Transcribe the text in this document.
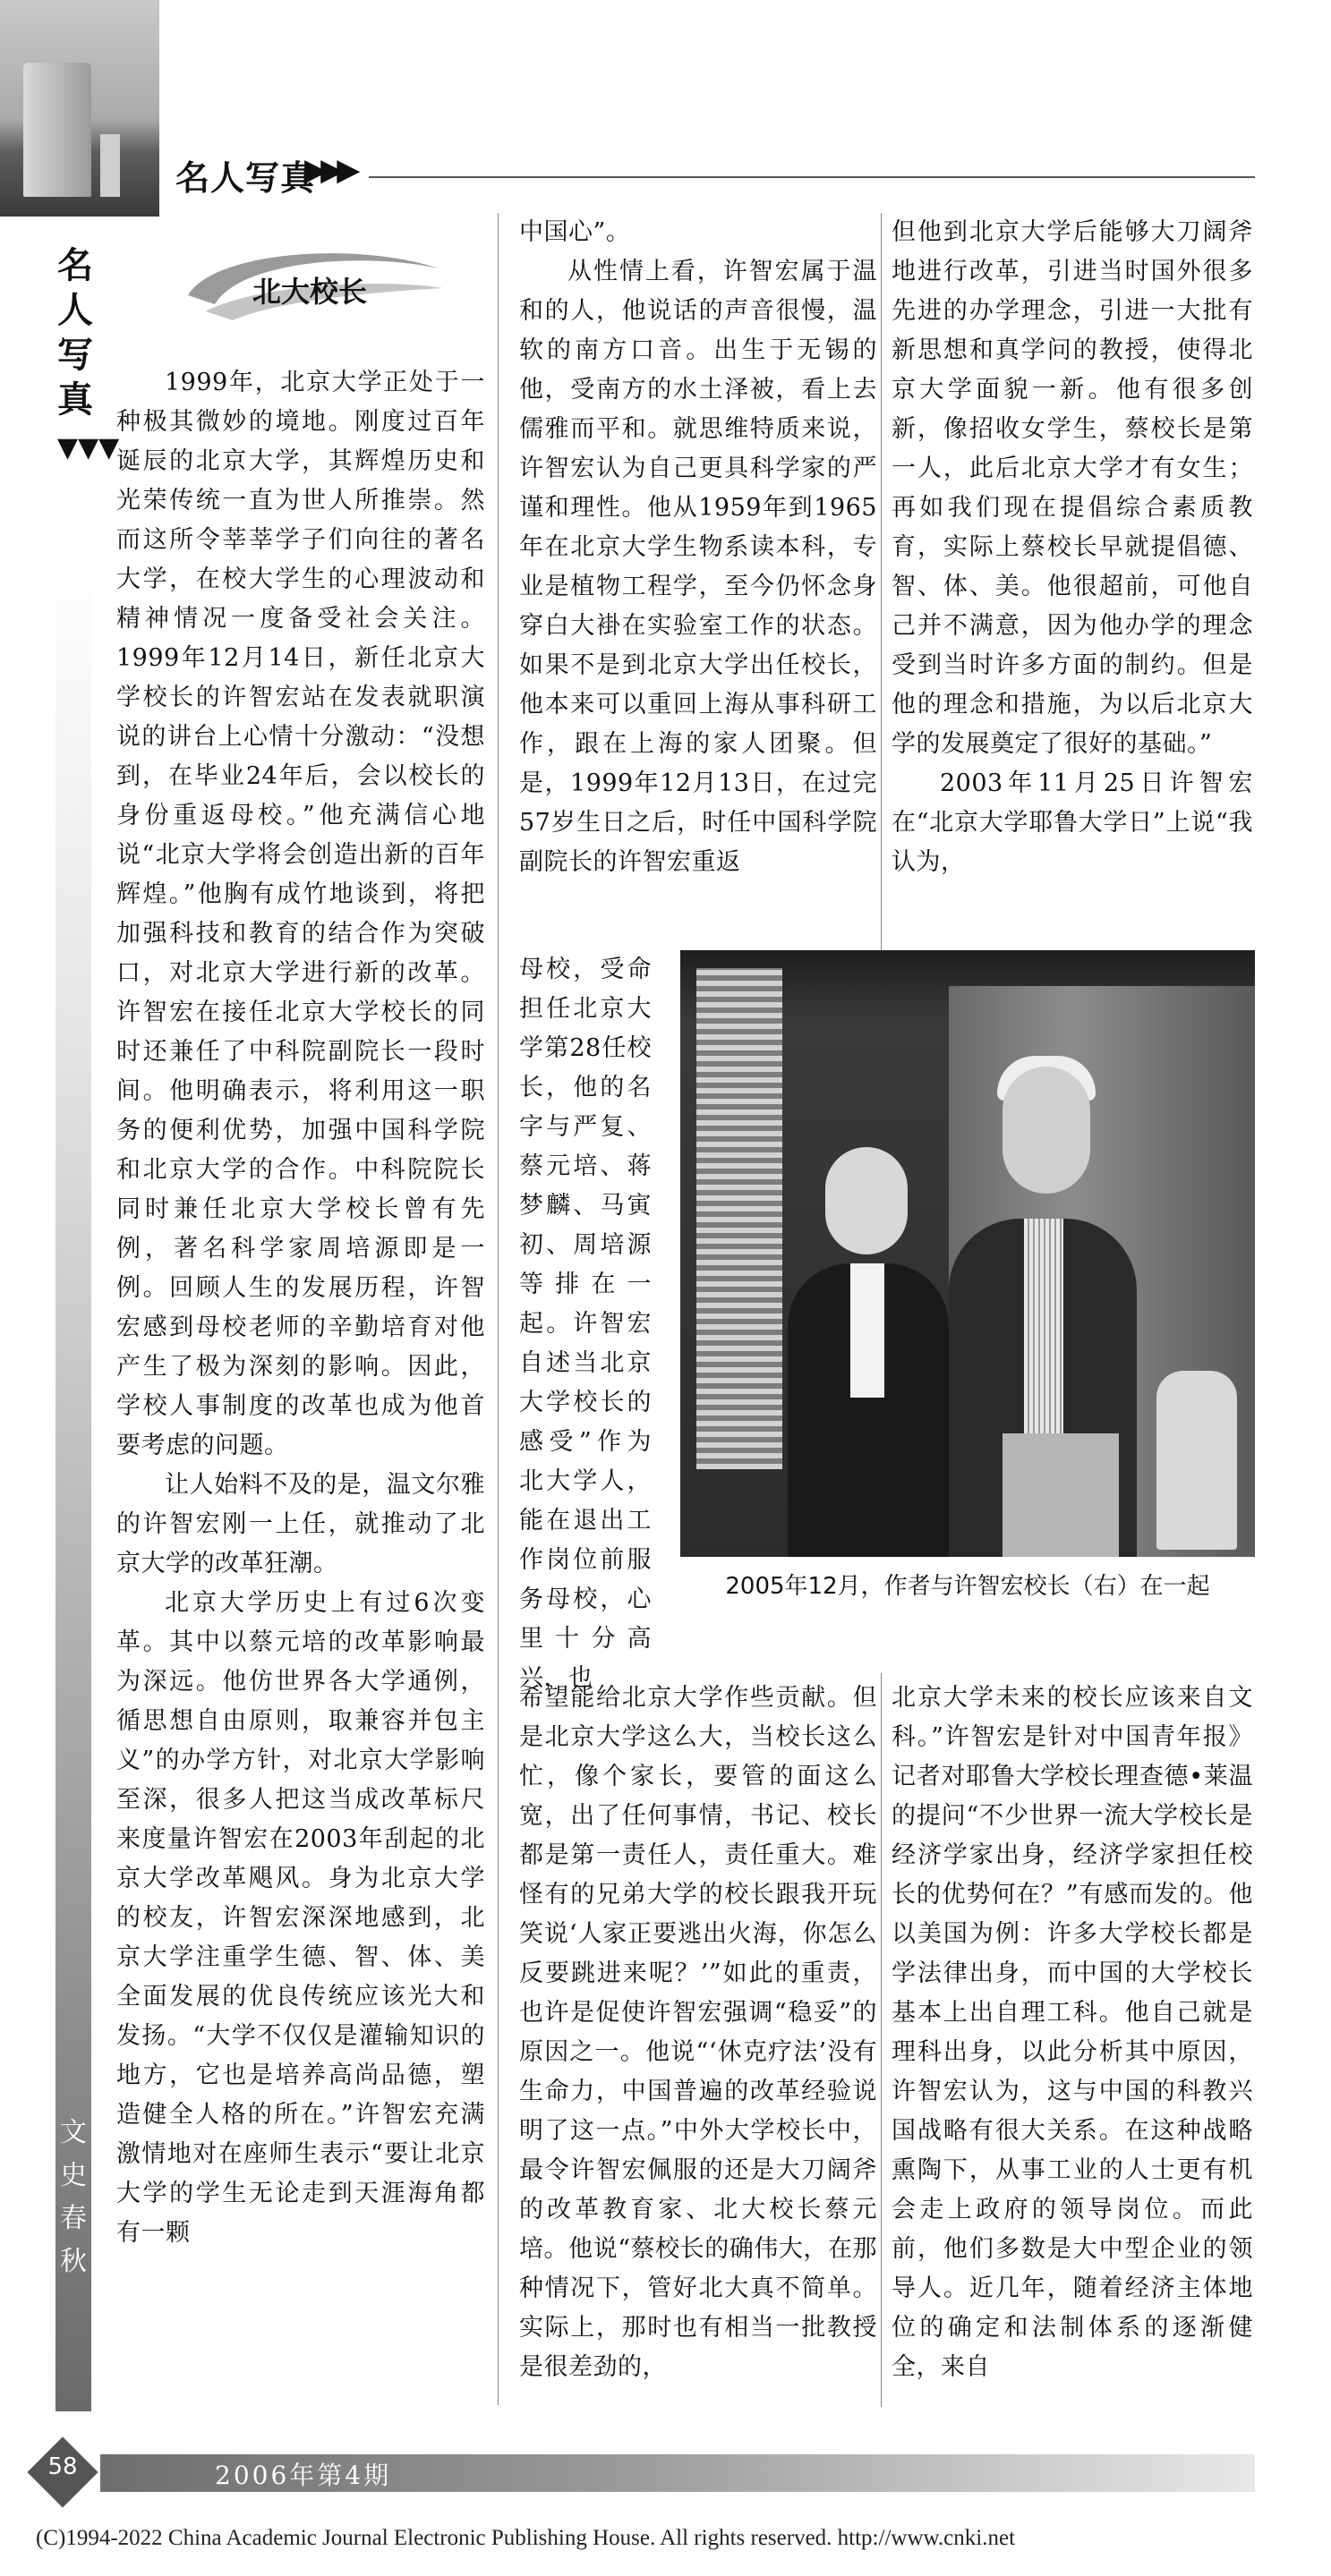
名人写真
▶▶▶
名人写真
▼▼▼
文史春秋
北大校长

1999年，北京大学正处于一种极其微妙的境地。刚度过百年诞辰的北京大学，其辉煌历史和光荣传统一直为世人所推崇。然而这所令莘莘学子们向往的著名大学，在校大学生的心理波动和精神情况一度备受社会关注。1999年12月14日，新任北京大学校长的许智宏站在发表就职演说的讲台上心情十分激动：“没想到，在毕业24年后，会以校长的身份重返母校。”他充满信心地说“北京大学将会创造出新的百年辉煌。”他胸有成竹地谈到，将把加强科技和教育的结合作为突破口，对北京大学进行新的改革。许智宏在接任北京大学校长的同时还兼任了中科院副院长一段时间。他明确表示，将利用这一职务的便利优势，加强中国科学院和北京大学的合作。中科院院长同时兼任北京大学校长曾有先例，著名科学家周培源即是一例。回顾人生的发展历程，许智宏感到母校老师的辛勤培育对他产生了极为深刻的影响。因此，学校人事制度的改革也成为他首要考虑的问题。

让人始料不及的是，温文尔雅的许智宏刚一上任，就推动了北京大学的改革狂潮。

北京大学历史上有过6次变革。其中以蔡元培的改革影响最为深远。他仿世界各大学通例，循思想自由原则，取兼容并包主义”的办学方针，对北京大学影响至深，很多人把这当成改革标尺来度量许智宏在2003年刮起的北京大学改革飓风。身为北京大学的校友，许智宏深深地感到，北京大学注重学生德、智、体、美全面发展的优良传统应该光大和发扬。“大学不仅仅是灌输知识的地方，它也是培养高尚品德，塑造健全人格的所在。”许智宏充满激情地对在座师生表示“要让北京大学的学生无论走到天涯海角都有一颗

中国心”。

从性情上看，许智宏属于温和的人，他说话的声音很慢，温软的南方口音。出生于无锡的他，受南方的水土泽被，看上去儒雅而平和。就思维特质来说，许智宏认为自己更具科学家的严谨和理性。他从1959年到1965年在北京大学生物系读本科，专业是植物工程学，至今仍怀念身穿白大褂在实验室工作的状态。如果不是到北京大学出任校长，他本来可以重回上海从事科研工作，跟在上海的家人团聚。但是，1999年12月13日，在过完57岁生日之后，时任中国科学院副院长的许智宏重返

母校，受命担任北京大学第28任校长，他的名字与严复、蔡元培、蒋梦麟、马寅初、周培源等排在一起。许智宏自述当北京大学校长的感受”作为北大学人，能在退出工作岗位前服务母校，心里十分高兴，也

希望能给北京大学作些贡献。但是北京大学这么大，当校长这么忙，像个家长，要管的面这么宽，出了任何事情，书记、校长都是第一责任人，责任重大。难怪有的兄弟大学的校长跟我开玩笑说‘人家正要逃出火海，你怎么反要跳进来呢？’”如此的重责，也许是促使许智宏强调“稳妥”的原因之一。他说“‘休克疗法’没有生命力，中国普遍的改革经验说明了这一点。”中外大学校长中，最令许智宏佩服的还是大刀阔斧的改革教育家、北大校长蔡元培。他说“蔡校长的确伟大，在那种情况下，管好北大真不简单。实际上，那时也有相当一批教授是很差劲的，

但他到北京大学后能够大刀阔斧地进行改革，引进当时国外很多先进的办学理念，引进一大批有新思想和真学问的教授，使得北京大学面貌一新。他有很多创新，像招收女学生，蔡校长是第一人，此后北京大学才有女生；再如我们现在提倡综合素质教育，实际上蔡校长早就提倡德、智、体、美。他很超前，可他自己并不满意，因为他办学的理念受到当时许多方面的制约。但是他的理念和措施，为以后北京大学的发展奠定了很好的基础。”

2003年11月25日许智宏在“北京大学耶鲁大学日”上说“我认为，

北京大学未来的校长应该来自文科。”许智宏是针对中国青年报》记者对耶鲁大学校长理查德•莱温的提问“不少世界一流大学校长是经济学家出身，经济学家担任校长的优势何在？”有感而发的。他以美国为例：许多大学校长都是学法律出身，而中国的大学校长基本上出自理工科。他自己就是理科出身，以此分析其中原因，许智宏认为，这与中国的科教兴国战略有很大关系。在这种战略熏陶下，从事工业的人士更有机会走上政府的领导岗位。而此前，他们多数是大中型企业的领导人。近几年，随着经济主体地位的确定和法制体系的逐渐健全，来自

2005年12月，作者与许智宏校长（右）在一起
58	2006年第4期
(C)1994-2022 China Academic Journal Electronic Publishing House. All rights reserved. http://www.cnki.net
